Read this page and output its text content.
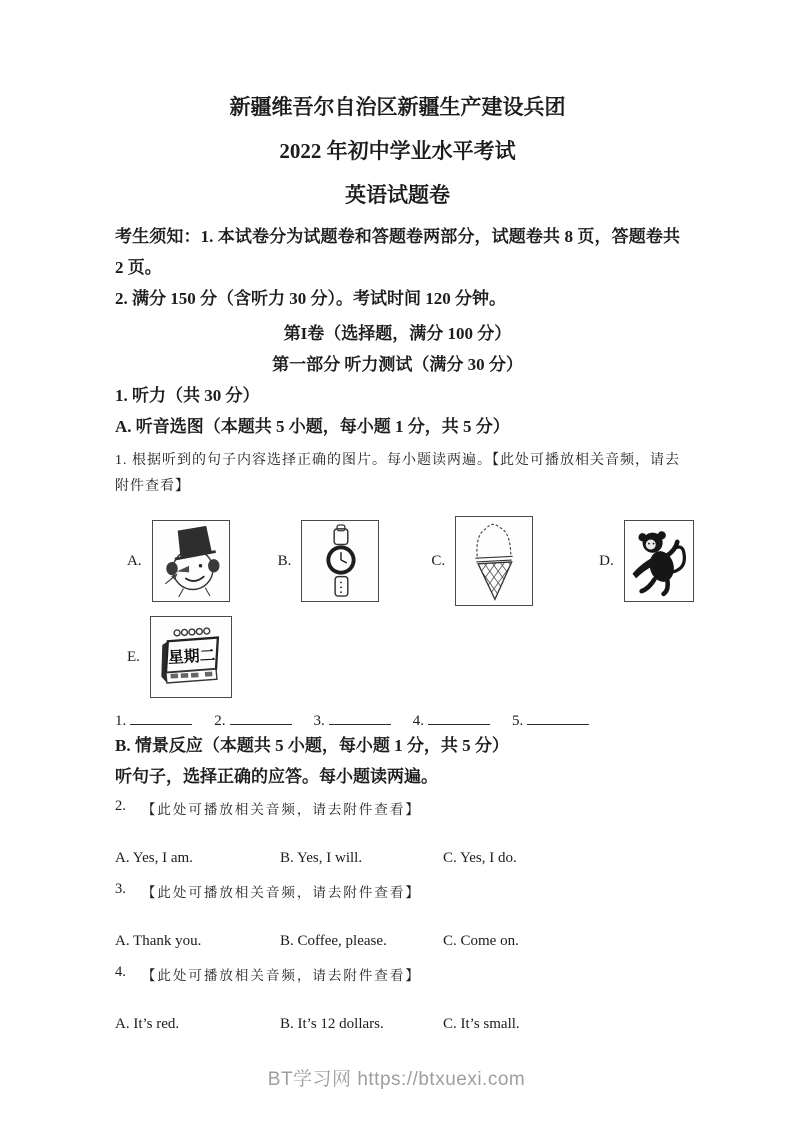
新疆维吾尔自治区新疆生产建设兵团
2022 年初中学业水平考试
英语试题卷

考生须知：1. 本试卷分为试题卷和答题卷两部分，试题卷共 8 页，答题卷共 2 页。

2. 满分 150 分（含听力 30 分）。考试时间 120 分钟。

第I卷（选择题，满分 100 分）

第一部分 听力测试（满分 30 分）

1. 听力（共 30 分）

A. 听音选图（本题共 5 小题，每小题 1 分，共 5 分）

1. 根据听到的句子内容选择正确的图片。每小题读两遍。【此处可播放相关音频，请去附件查看】

A.	B.	C.	D.
E. 星期二
1.	2.	3.	4.	5.

B. 情景反应（本题共 5 小题，每小题 1 分，共 5 分）

听句子，选择正确的应答。每小题读两遍。

2. 【此处可播放相关音频，请去附件查看】

A. Yes, I am.	B. Yes, I will.	C. Yes, I do.

3. 【此处可播放相关音频，请去附件查看】

A. Thank you.	B. Coffee, please.	C. Come on.

4. 【此处可播放相关音频，请去附件查看】

A. It’s red.	B. It’s 12 dollars.	C. It’s small.
BT学习网 https://btxuexi.com
